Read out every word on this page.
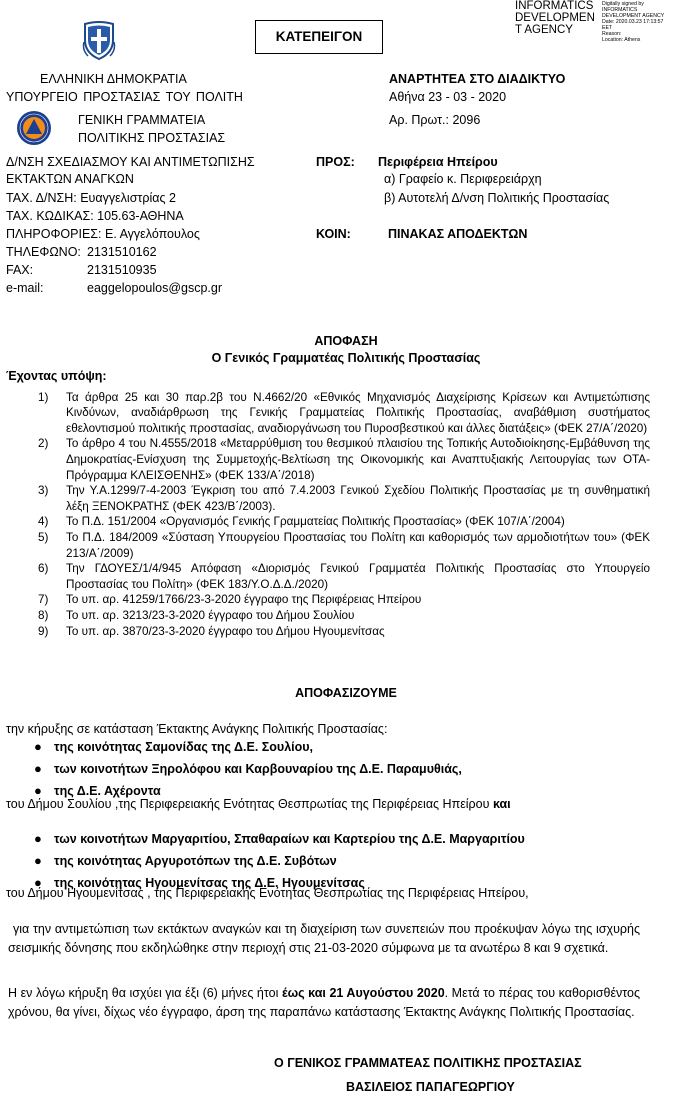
ΚΑΤΕΠΕΙΓΟΝ
INFORMATICS DEVELOPMEN T AGENCY
Digitally signed by
INFORMATICS
DEVELOPMENT AGENCY
Date: 2020.03.23 17:13:57
EET
Reason:
Location: Athens
ΕΛΛΗΝΙΚΗ ΔΗΜΟΚΡΑΤΙΑ
ΥΠΟΥΡΓΕΙΟ ΠΡΟΣΤΑΣΙΑΣ ΤΟΥ ΠΟΛΙΤΗ
ΓΕΝΙΚΗ ΓΡΑΜΜΑΤΕΙΑ
ΠΟΛΙΤΙΚΗΣ ΠΡΟΣΤΑΣΙΑΣ
ΑΝΑΡΤΗΤΕΑ ΣΤΟ ΔΙΑΔΙΚΤΥΟ
Αθήνα 23 - 03 - 2020
Αρ. Πρωτ.: 2096
Δ/ΝΣΗ ΣΧΕΔΙΑΣΜΟΥ ΚΑΙ ΑΝΤΙΜΕΤΩΠΙΣΗΣ
ΕΚΤΑΚΤΩΝ ΑΝΑΓΚΩΝ
ΤΑΧ. Δ/ΝΣΗ: Ευαγγελιστρίας 2
ΤΑΧ. ΚΩΔΙΚΑΣ: 105.63-ΑΘΗΝΑ
ΠΛΗΡΟΦΟΡΙΕΣ: Ε. Αγγελόπουλος
ΤΗΛΕΦΩΝΟ: 2131510162
FAX:	2131510935
e-mail:	eaggelopoulos@gscp.gr
ΠΡΟΣ: Περιφέρεια Ηπείρου
α) Γραφείο κ. Περιφερειάρχη
β) Αυτοτελή Δ/νση Πολιτικής Προστασίας
ΚΟΙΝ:	ΠΙΝΑΚΑΣ ΑΠΟΔΕΚΤΩΝ
ΑΠΟΦΑΣΗ
Ο Γενικός Γραμματέας Πολιτικής Προστασίας
Έχοντας υπόψη:
1) Τα άρθρα 25 και 30 παρ.2β του Ν.4662/20 «Εθνικός Μηχανισμός Διαχείρισης Κρίσεων και Αντιμετώπισης Κινδύνων, αναδιάρθρωση της Γενικής Γραμματείας Πολιτικής Προστασίας, αναβάθμιση συστήματος εθελοντισμού πολιτικής προστασίας, αναδιοργάνωση του Πυροσβεστικού και άλλες διατάξεις» (ΦΕΚ 27/Α΄/2020)
2) Το άρθρο 4 του Ν.4555/2018 «Μεταρρύθμιση του θεσμικού πλαισίου της Τοπικής Αυτοδιοίκησης-Εμβάθυνση της Δημοκρατίας-Ενίσχυση της Συμμετοχής-Βελτίωση της Οικονομικής και Αναπτυξιακής Λειτουργίας των ΟΤΑ-Πρόγραμμα ΚΛΕΙΣΘΕΝΗΣ» (ΦΕΚ 133/Α΄/2018)
3) Την Υ.Α.1299/7-4-2003 Έγκριση του από 7.4.2003 Γενικού Σχεδίου Πολιτικής Προστασίας με τη συνθηματική λέξη ΞΕΝΟΚΡΑΤΗΣ (ΦΕΚ 423/Β΄/2003).
4) Το Π.Δ. 151/2004 «Οργανισμός Γενικής Γραμματείας Πολιτικής Προστασίας» (ΦΕΚ 107/Α΄/2004)
5) Το Π.Δ. 184/2009 «Σύσταση Υπουργείου Προστασίας του Πολίτη και καθορισμός των αρμοδιοτήτων του» (ΦΕΚ 213/Α΄/2009)
6) Την ΓΔΟΥΕΣ/1/4/945 Απόφαση «Διορισμός Γενικού Γραμματέα Πολιτικής Προστασίας στο Υπουργείο Προστασίας του Πολίτη» (ΦΕΚ 183/Υ.Ο.Δ.Δ./2020)
7) Το υπ. αρ. 41259/1766/23-3-2020 έγγραφο της Περιφέρειας Ηπείρου
8) Το υπ. αρ. 3213/23-3-2020 έγγραφο του Δήμου Σουλίου
9) Το υπ. αρ. 3870/23-3-2020 έγγραφο του Δήμου Ηγουμενίτσας
ΑΠΟΦΑΣΙΖΟΥΜΕ
την κήρυξης σε κατάσταση Έκτακτης Ανάγκης Πολιτικής Προστασίας:
● της κοινότητας Σαμονίδας της Δ.Ε. Σουλίου,
● των κοινοτήτων Ξηρολόφου και Καρβουναρίου της Δ.Ε. Παραμυθιάς,
● της Δ.Ε. Αχέροντα
του Δήμου Σουλίου ,της Περιφερειακής Ενότητας Θεσπρωτίας της Περιφέρειας Ηπείρου και
● των κοινοτήτων Μαργαριτίου, Σπαθαραίων και Καρτερίου της Δ.Ε. Μαργαριτίου
● της κοινότητας Αργυροτόπων της Δ.Ε. Συβότων
● της κοινότητας Ηγουμενίτσας της Δ.Ε. Ηγουμενίτσας
του Δήμου Ηγουμενίτσας , της Περιφερειακής Ενότητας Θεσπρωτίας της Περιφέρειας Ηπείρου,
για την αντιμετώπιση των εκτάκτων αναγκών και τη διαχείριση των συνεπειών που προέκυψαν λόγω της ισχυρής σεισμικής δόνησης που εκδηλώθηκε στην περιοχή στις 21-03-2020 σύμφωνα με τα ανωτέρω 8 και 9 σχετικά.
Η εν λόγω κήρυξη θα ισχύει για έξι (6) μήνες ήτοι έως και 21 Αυγούστου 2020. Μετά το πέρας του καθορισθέντος χρόνου, θα γίνει, δίχως νέο έγγραφο, άρση της παραπάνω κατάστασης Έκτακτης Ανάγκης Πολιτικής Προστασίας.
Ο ΓΕΝΙΚΟΣ ΓΡΑΜΜΑΤΕΑΣ ΠΟΛΙΤΙΚΗΣ ΠΡΟΣΤΑΣΙΑΣ
ΒΑΣΙΛΕΙΟΣ ΠΑΠΑΓΕΩΡΓΙΟΥ
